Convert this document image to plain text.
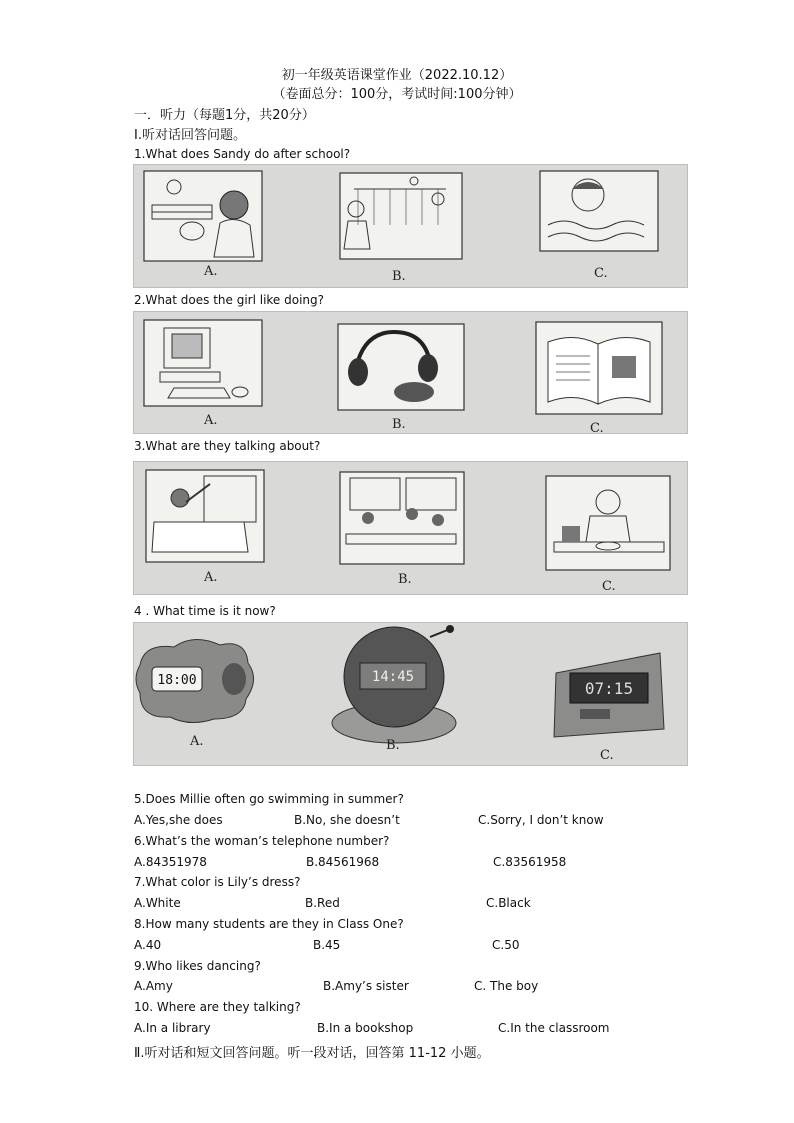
初一年级英语课堂作业（2022.10.12）
（卷面总分：100分，考试时间:100分钟）
一．听力（每题1分，共20分）
Ⅰ.听对话回答问题。
1.What does Sandy do after school?
A.	B.	C.
2.What does the girl like doing?
A.	B.	C.
3.What are they talking about?
A.	B.	C.
4 . What time is it now?
18:00	14:45
07:15
A.	B.
C.
5.Does Millie often go swimming in summer?
A.Yes,she does	B.No, she doesn’t	C.Sorry, I don’t know
6.What’s the woman’s telephone number?
A.84351978	B.84561968	C.83561958
7.What color is Lily’s dress?
A.White	B.Red	C.Black
8.How many students are they in Class One?
A.40	B.45	C.50
9.Who likes dancing?
A.Amy	B.Amy’s sister	C. The boy
10. Where are they talking?
A.In a library	B.In a bookshop	C.In the classroom
Ⅱ.听对话和短文回答问题。听一段对话，回答第 11-12 小题。
